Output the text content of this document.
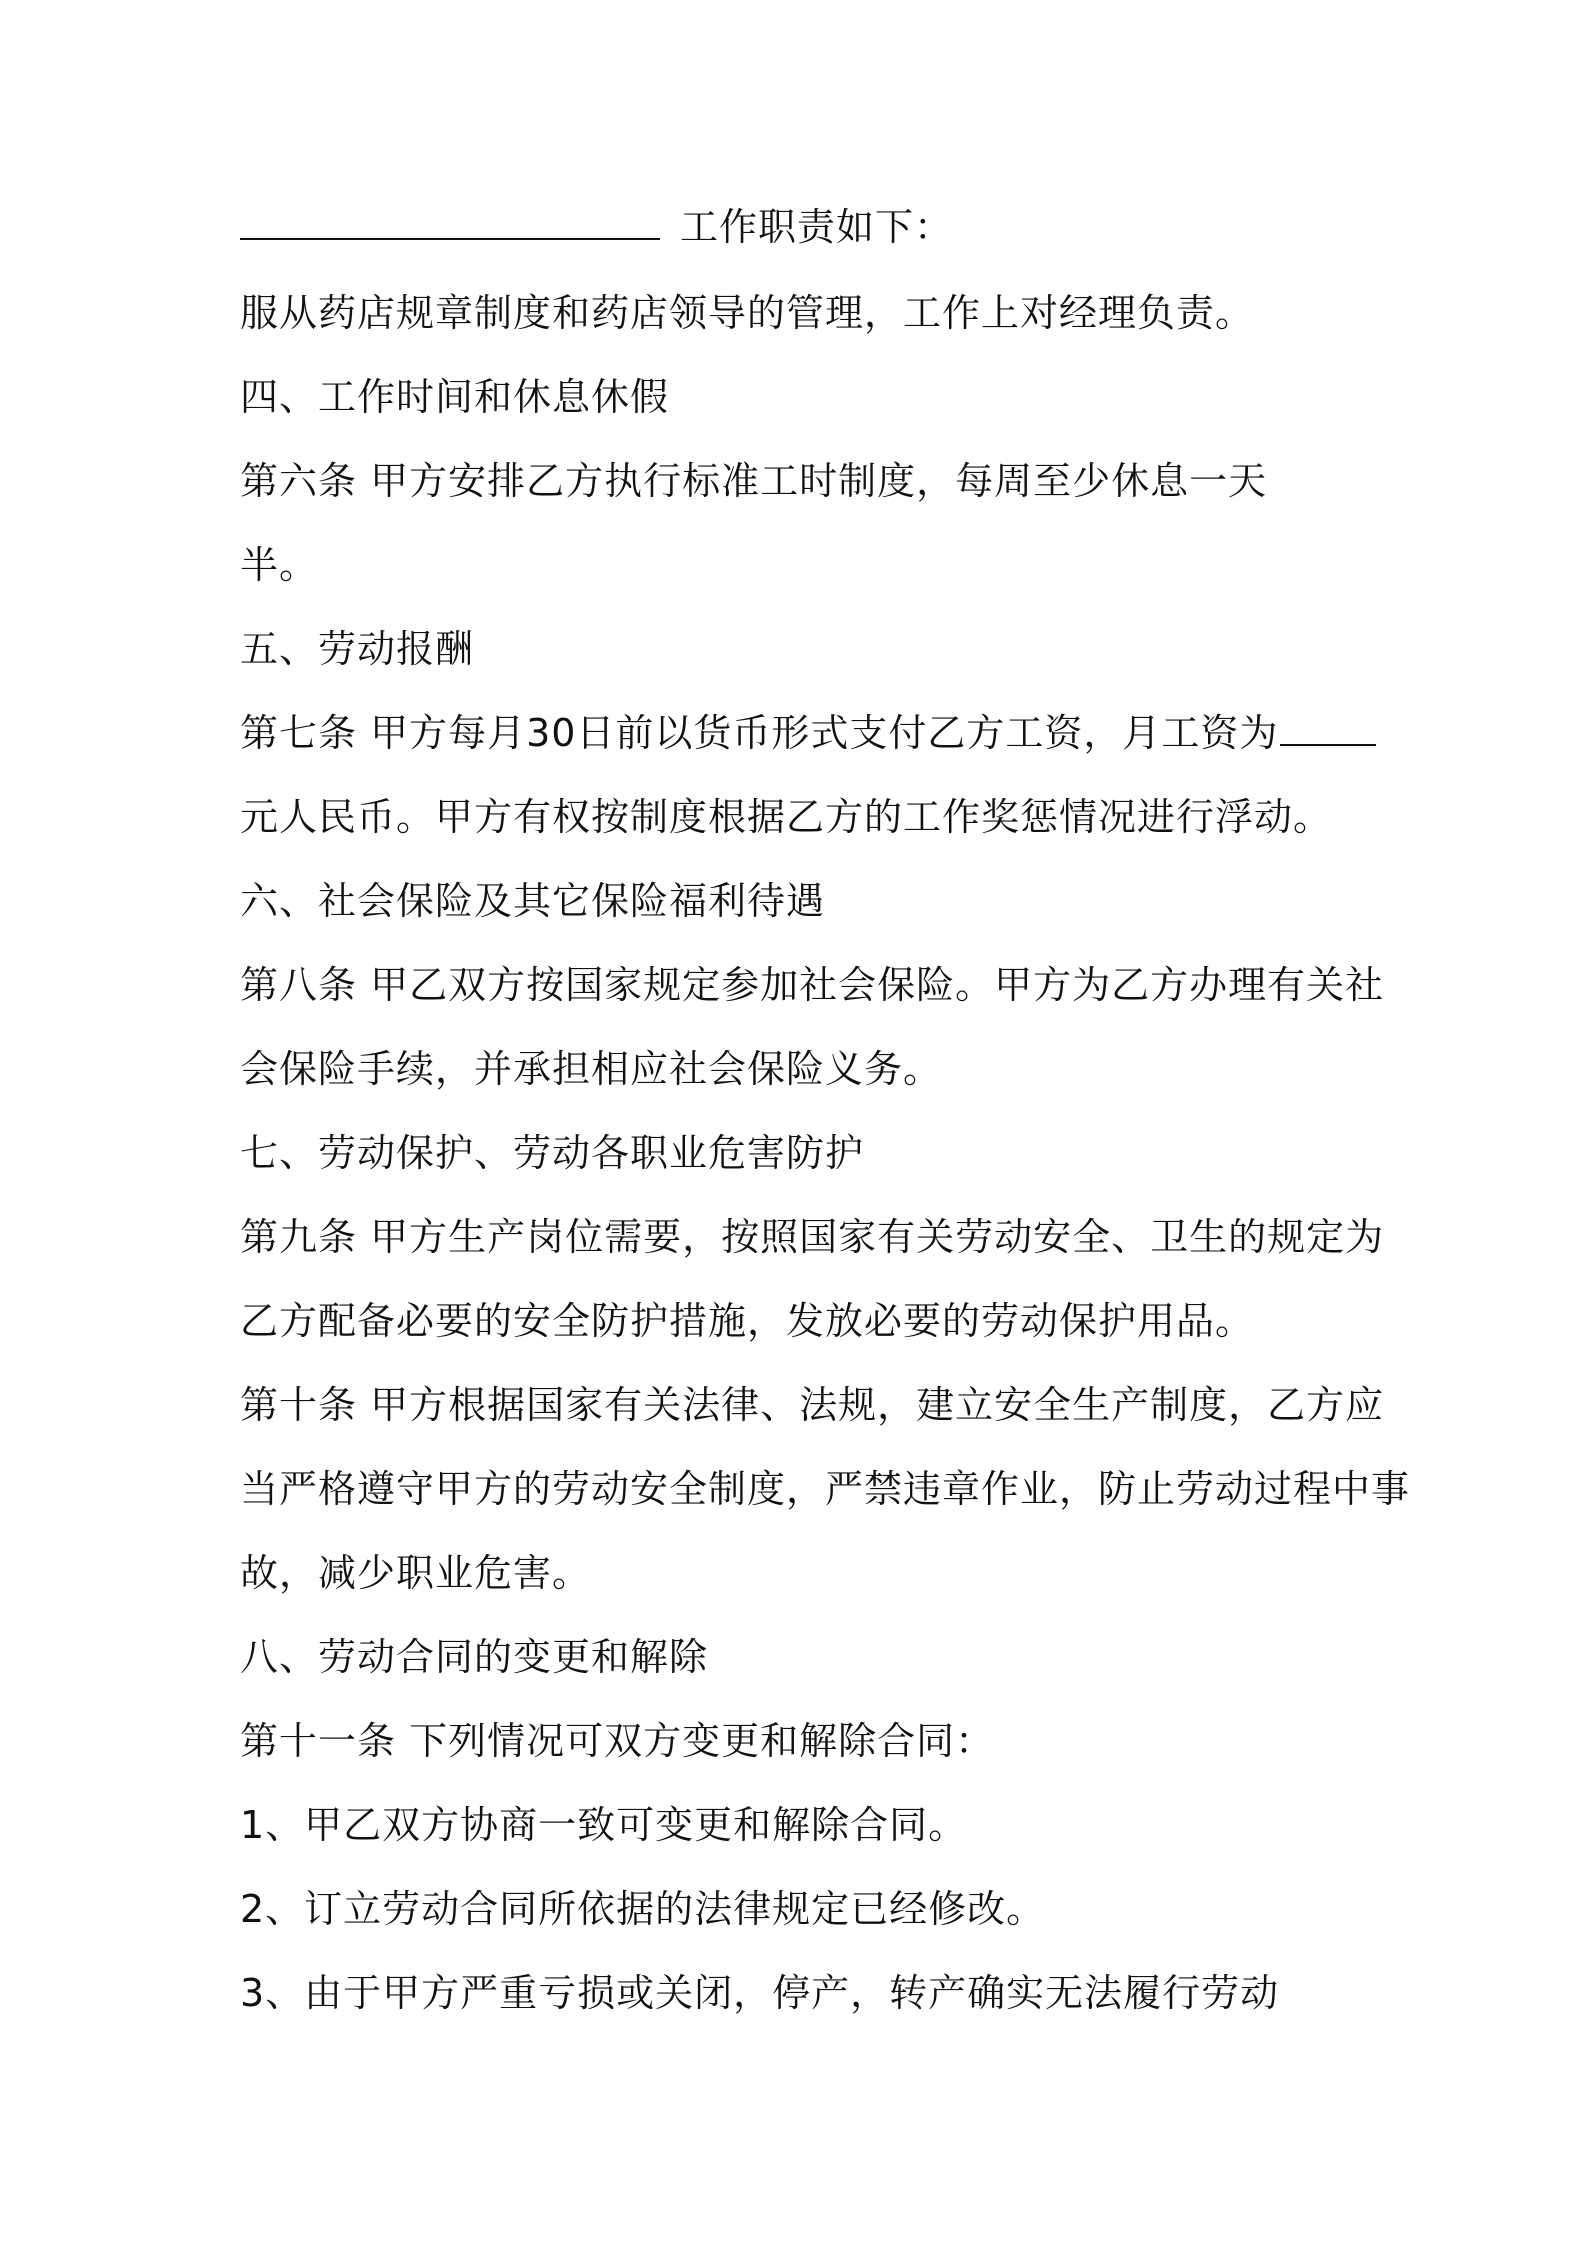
工作职责如下：
服从药店规章制度和药店领导的管理，工作上对经理负责。
四、工作时间和休息休假
第六条 甲方安排乙方执行标准工时制度，每周至少休息一天
半。
五、劳动报酬
第七条 甲方每月30日前以货币形式支付乙方工资，月工资为
元人民币。甲方有权按制度根据乙方的工作奖惩情况进行浮动。
六、社会保险及其它保险福利待遇
第八条 甲乙双方按国家规定参加社会保险。甲方为乙方办理有关社
会保险手续，并承担相应社会保险义务。
七、劳动保护、劳动各职业危害防护
第九条 甲方生产岗位需要，按照国家有关劳动安全、卫生的规定为
乙方配备必要的安全防护措施，发放必要的劳动保护用品。
第十条 甲方根据国家有关法律、法规，建立安全生产制度，乙方应
当严格遵守甲方的劳动安全制度，严禁违章作业，防止劳动过程中事
故，减少职业危害。
八、劳动合同的变更和解除
第十一条 下列情况可双方变更和解除合同：
1、甲乙双方协商一致可变更和解除合同。
2、订立劳动合同所依据的法律规定已经修改。
3、由于甲方严重亏损或关闭，停产，转产确实无法履行劳动
